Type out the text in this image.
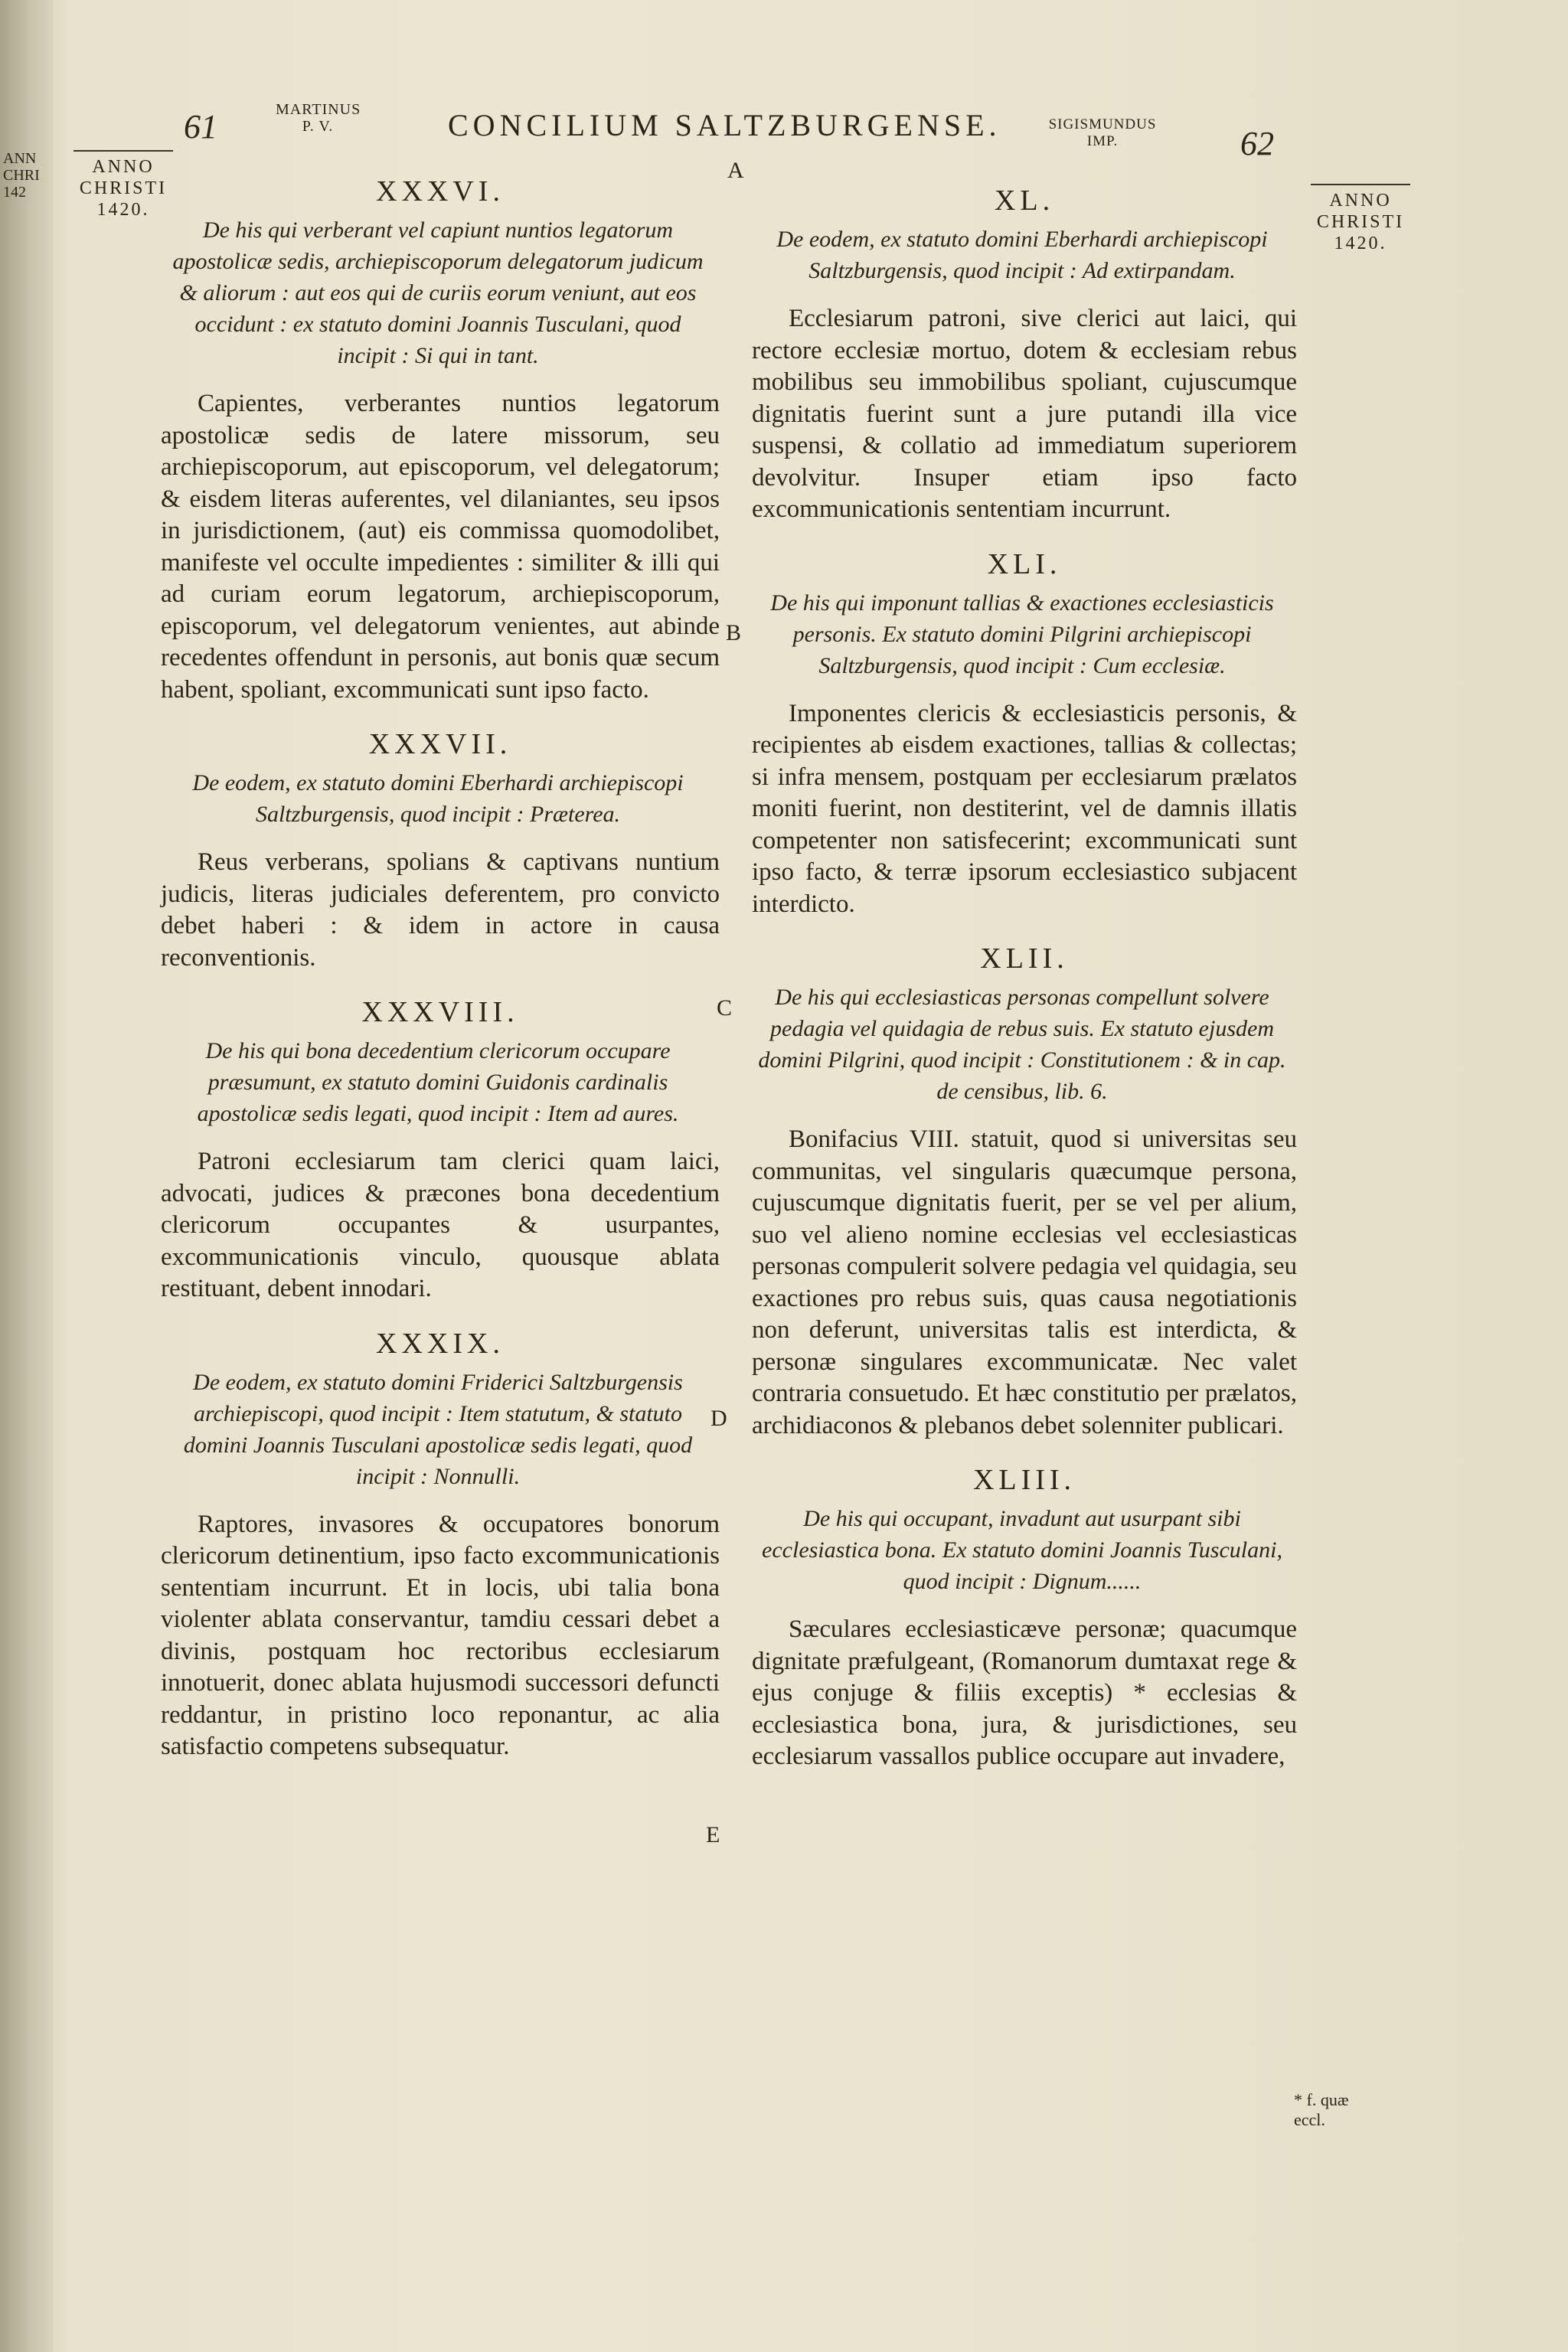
ANN
CHRI
142
61	MARTINUS
P. V.	CONCILIUM SALTZBURGENSE.	SIGISMUNDUS
IMP.	62
A
ANNO
CHRISTI
1420.	ANNO
CHRISTI
1420.
* f. quæ
eccl.
B
C
D
E
XXXVI.
De his qui verberant vel capiunt nuntios legatorum apostolicæ sedis, archiepiscoporum delegatorum judicum & aliorum : aut eos qui de curiis eorum veniunt, aut eos occidunt : ex statuto domini Joannis Tusculani, quod incipit : Si qui in tant.
Capientes, verberantes nuntios legatorum apostolicæ sedis de latere missorum, seu archiepiscoporum, aut episcoporum, vel delegatorum; & eisdem literas auferentes, vel dilaniantes, seu ipsos in jurisdictionem, (aut) eis commissa quomodolibet, manifeste vel occulte impedientes : similiter & illi qui ad curiam eorum legatorum, archiepiscoporum, episcoporum, vel delegatorum venientes, aut abinde recedentes offendunt in personis, aut bonis quæ secum habent, spoliant, excommunicati sunt ipso facto.
XXXVII.
De eodem, ex statuto domini Eberhardi archiepiscopi Saltzburgensis, quod incipit : Præterea.
Reus verberans, spolians & captivans nuntium judicis, literas judiciales deferentem, pro convicto debet haberi : & idem in actore in causa reconventionis.
XXXVIII.
De his qui bona decedentium clericorum occupare præsumunt, ex statuto domini Guidonis cardinalis apostolicæ sedis legati, quod incipit : Item ad aures.
Patroni ecclesiarum tam clerici quam laici, advocati, judices & præcones bona decedentium clericorum occupantes & usurpantes, excommunicationis vinculo, quousque ablata restituant, debent innodari.
XXXIX.
De eodem, ex statuto domini Friderici Saltzburgensis archiepiscopi, quod incipit : Item statutum, & statuto domini Joannis Tusculani apostolicæ sedis legati, quod incipit : Nonnulli.
Raptores, invasores & occupatores bonorum clericorum detinentium, ipso facto excommunicationis sententiam incurrunt. Et in locis, ubi talia bona violenter ablata conservantur, tamdiu cessari debet a divinis, postquam hoc rectoribus ecclesiarum innotuerit, donec ablata hujusmodi successori defuncti reddantur, in pristino loco reponantur, ac alia satisfactio competens subsequatur.
XL.
De eodem, ex statuto domini Eberhardi archiepiscopi Saltzburgensis, quod incipit : Ad extirpandam.
Ecclesiarum patroni, sive clerici aut laici, qui rectore ecclesiæ mortuo, dotem & ecclesiam rebus mobilibus seu immobilibus spoliant, cujuscumque dignitatis fuerint sunt a jure putandi illa vice suspensi, & collatio ad immediatum superiorem devolvitur. Insuper etiam ipso facto excommunicationis sententiam incurrunt.
XLI.
De his qui imponunt tallias & exactiones ecclesiasticis personis. Ex statuto domini Pilgrini archiepiscopi Saltzburgensis, quod incipit : Cum ecclesiæ.
Imponentes clericis & ecclesiasticis personis, & recipientes ab eisdem exactiones, tallias & collectas; si infra mensem, postquam per ecclesiarum prælatos moniti fuerint, non destiterint, vel de damnis illatis competenter non satisfecerint; excommunicati sunt ipso facto, & terræ ipsorum ecclesiastico subjacent interdicto.
XLII.
De his qui ecclesiasticas personas compellunt solvere pedagia vel quidagia de rebus suis. Ex statuto ejusdem domini Pilgrini, quod incipit : Constitutionem : & in cap. de censibus, lib. 6.
Bonifacius VIII. statuit, quod si universitas seu communitas, vel singularis quæcumque persona, cujuscumque dignitatis fuerit, per se vel per alium, suo vel alieno nomine ecclesias vel ecclesiasticas personas compulerit solvere pedagia vel quidagia, seu exactiones pro rebus suis, quas causa negotiationis non deferunt, universitas talis est interdicta, & personæ singulares excommunicatæ. Nec valet contraria consuetudo. Et hæc constitutio per prælatos, archidiaconos & plebanos debet solenniter publicari.
XLIII.
De his qui occupant, invadunt aut usurpant sibi ecclesiastica bona. Ex statuto domini Joannis Tusculani, quod incipit : Dignum......
Sæculares ecclesiasticæve personæ; quacumque dignitate præfulgeant, (Romanorum dumtaxat rege & ejus conjuge & filiis exceptis) * ecclesias & ecclesiastica bona, jura, & jurisdictiones, seu ecclesiarum vassallos publice occupare aut invadere,
